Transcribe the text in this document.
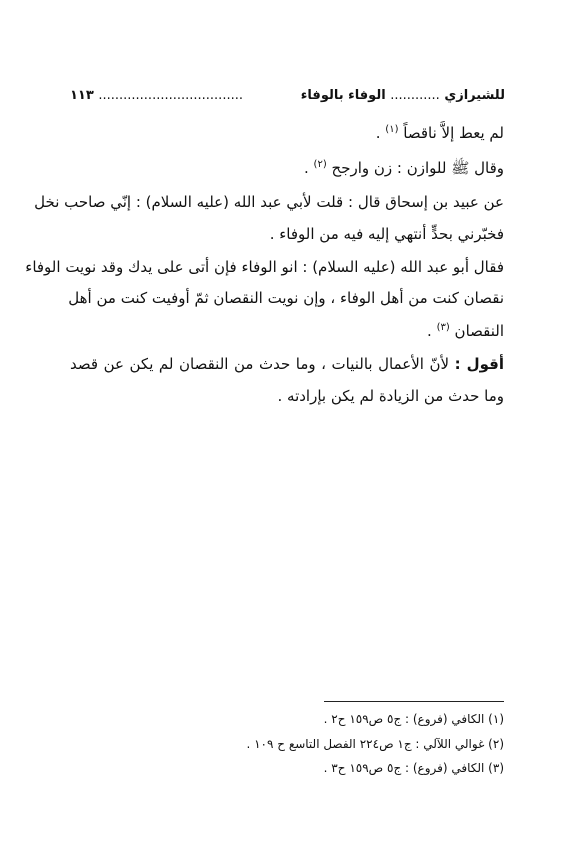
للشيرازي ............ الوفاء بالوفاء
................................... ١١٣
لم يعط إلاَّ ناقصاً $^{(١)}$ .
وقال ﷺ للوازن : زن وارجح $^{(٢)}$ .
عن عبيد بن إسحاق قال : قلت لأبي عبد الله (عليه السلام) : إنّي صاحب نخل
فخبّرني بحدٍّ أنتهي إليه فيه من الوفاء .
فقال أبو عبد الله (عليه السلام) : انو الوفاء فإن أتى على يدك وقد نويت الوفاء
نقصان كنت من أهل الوفاء ، وإن نويت النقصان ثمّ أوفيت كنت من أهل
النقصان $^{(٣)}$ .
أقول : لأنّ الأعمال بالنيات ، وما حدث من النقصان لم يكن عن قصد
وما حدث من الزيادة لم يكن بإرادته .
(١) الكافي (فروع) : ج٥ ص١٥٩ ح٢ .
(٢) غوالي اللآلي : ج١ ص٢٢٤ الفصل التاسع ح ١٠٩ .
(٣) الكافي (فروع) : ج٥ ص١٥٩ ح٣ .
